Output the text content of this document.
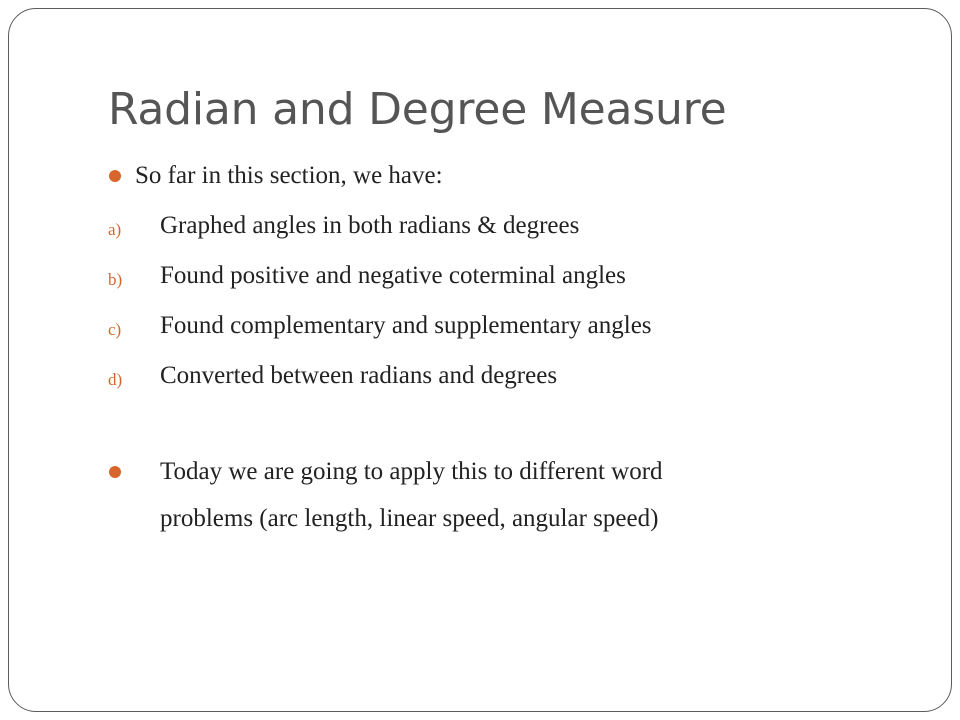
Radian and Degree Measure
So far in this section, we have:
a) Graphed angles in both radians & degrees
b) Found positive and negative coterminal angles
c) Found complementary and supplementary angles
d) Converted between radians and degrees
Today we are going to apply this to different word
problems (arc length, linear speed, angular speed)
